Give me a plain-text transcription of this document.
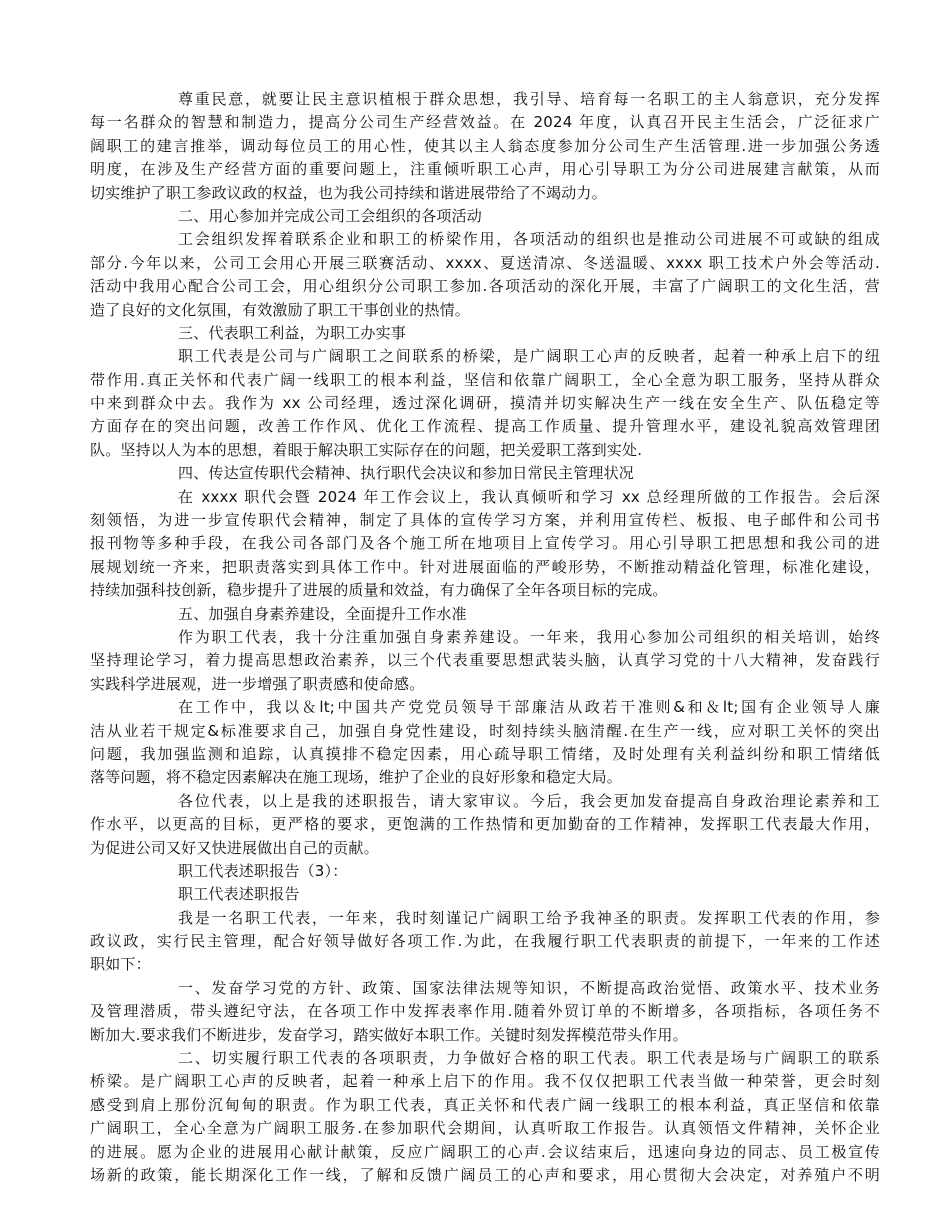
尊重民意，就要让民主意识植根于群众思想，我引导、培育每一名职工的主人翁意识，充分发挥
每一名群众的智慧和制造力，提高分公司生产经营效益。在 2024 年度，认真召开民主生活会，广泛征求广
阔职工的建言推举，调动每位员工的用心性，使其以主人翁态度参加分公司生产生活管理.进一步加强公务透
明度，在涉及生产经营方面的重要问题上，注重倾听职工心声，用心引导职工为分公司进展建言献策，从而
切实维护了职工参政议政的权益，也为我公司持续和谐进展带给了不竭动力。
二、用心参加并完成公司工会组织的各项活动
工会组织发挥着联系企业和职工的桥梁作用，各项活动的组织也是推动公司进展不可或缺的组成
部分.今年以来，公司工会用心开展三联赛活动、xxxx、夏送清凉、冬送温暖、xxxx 职工技术户外会等活动.
活动中我用心配合公司工会，用心组织分公司职工参加.各项活动的深化开展，丰富了广阔职工的文化生活，营
造了良好的文化氛围，有效激励了职工干事创业的热情。
三、代表职工利益，为职工办实事
职工代表是公司与广阔职工之间联系的桥梁，是广阔职工心声的反映者，起着一种承上启下的纽
带作用.真正关怀和代表广阔一线职工的根本利益，坚信和依靠广阔职工，全心全意为职工服务，坚持从群众
中来到群众中去。我作为 xx 公司经理，透过深化调研，摸清并切实解决生产一线在安全生产、队伍稳定等
方面存在的突出问题，改善工作作风、优化工作流程、提高工作质量、提升管理水平，建设礼貌高效管理团
队。坚持以人为本的思想，着眼于解决职工实际存在的问题，把关爱职工落到实处.
四、传达宣传职代会精神、执行职代会决议和参加日常民主管理状况
在 xxxx 职代会暨 2024 年工作会议上，我认真倾听和学习 xx 总经理所做的工作报告。会后深
刻领悟，为进一步宣传职代会精神，制定了具体的宣传学习方案，并利用宣传栏、板报、电子邮件和公司书
报刊物等多种手段，在我公司各部门及各个施工所在地项目上宣传学习。用心引导职工把思想和我公司的进
展规划统一齐来，把职责落实到具体工作中。针对进展面临的严峻形势，不断推动精益化管理，标准化建设，
持续加强科技创新，稳步提升了进展的质量和效益，有力确保了全年各项目标的完成。
五、加强自身素养建设，全面提升工作水准
作为职工代表，我十分注重加强自身素养建设。一年来，我用心参加公司组织的相关培训，始终
坚持理论学习，着力提高思想政治素养，以三个代表重要思想武装头脑，认真学习党的十八大精神，发奋践行
实践科学进展观，进一步增强了职责感和使命感。
在工作中，我以＆lt;中国共产党党员领导干部廉洁从政若干准则&和＆lt;国有企业领导人廉
洁从业若干规定&标准要求自己，加强自身党性建设，时刻持续头脑清醒.在生产一线，应对职工关怀的突出
问题，我加强监测和追踪，认真摸排不稳定因素，用心疏导职工情绪，及时处理有关利益纠纷和职工情绪低
落等问题，将不稳定因素解决在施工现场，维护了企业的良好形象和稳定大局。
各位代表，以上是我的述职报告，请大家审议。今后，我会更加发奋提高自身政治理论素养和工
作水平，以更高的目标，更严格的要求，更饱满的工作热情和更加勤奋的工作精神，发挥职工代表最大作用，
为促进公司又好又快进展做出自己的贡献。
职工代表述职报告（3）：
职工代表述职报告
我是一名职工代表，一年来，我时刻谨记广阔职工给予我神圣的职责。发挥职工代表的作用，参
政议政，实行民主管理，配合好领导做好各项工作.为此，在我履行职工代表职责的前提下，一年来的工作述
职如下：
一、发奋学习党的方针、政策、国家法律法规等知识，不断提高政治觉悟、政策水平、技术业务
及管理潜质，带头遵纪守法，在各项工作中发挥表率作用.随着外贸订单的不断增多，各项指标，各项任务不
断加大.要求我们不断进步，发奋学习，踏实做好本职工作。关键时刻发挥模范带头作用。
二、切实履行职工代表的各项职责，力争做好合格的职工代表。职工代表是场与广阔职工的联系
桥梁。是广阔职工心声的反映者，起着一种承上启下的作用。我不仅仅把职工代表当做一种荣誉，更会时刻
感受到肩上那份沉甸甸的职责。作为职工代表，真正关怀和代表广阔一线职工的根本利益，真正坚信和依靠
广阔职工，全心全意为广阔职工服务.在参加职代会期间，认真听取工作报告。认真领悟文件精神，关怀企业
的进展。愿为企业的进展用心献计献策，反应广阔职工的心声.会议结束后，迅速向身边的同志、员工极宣传
场新的政策，能长期深化工作一线，了解和反馈广阔员工的心声和要求，用心贯彻大会决定，对养殖户不明
